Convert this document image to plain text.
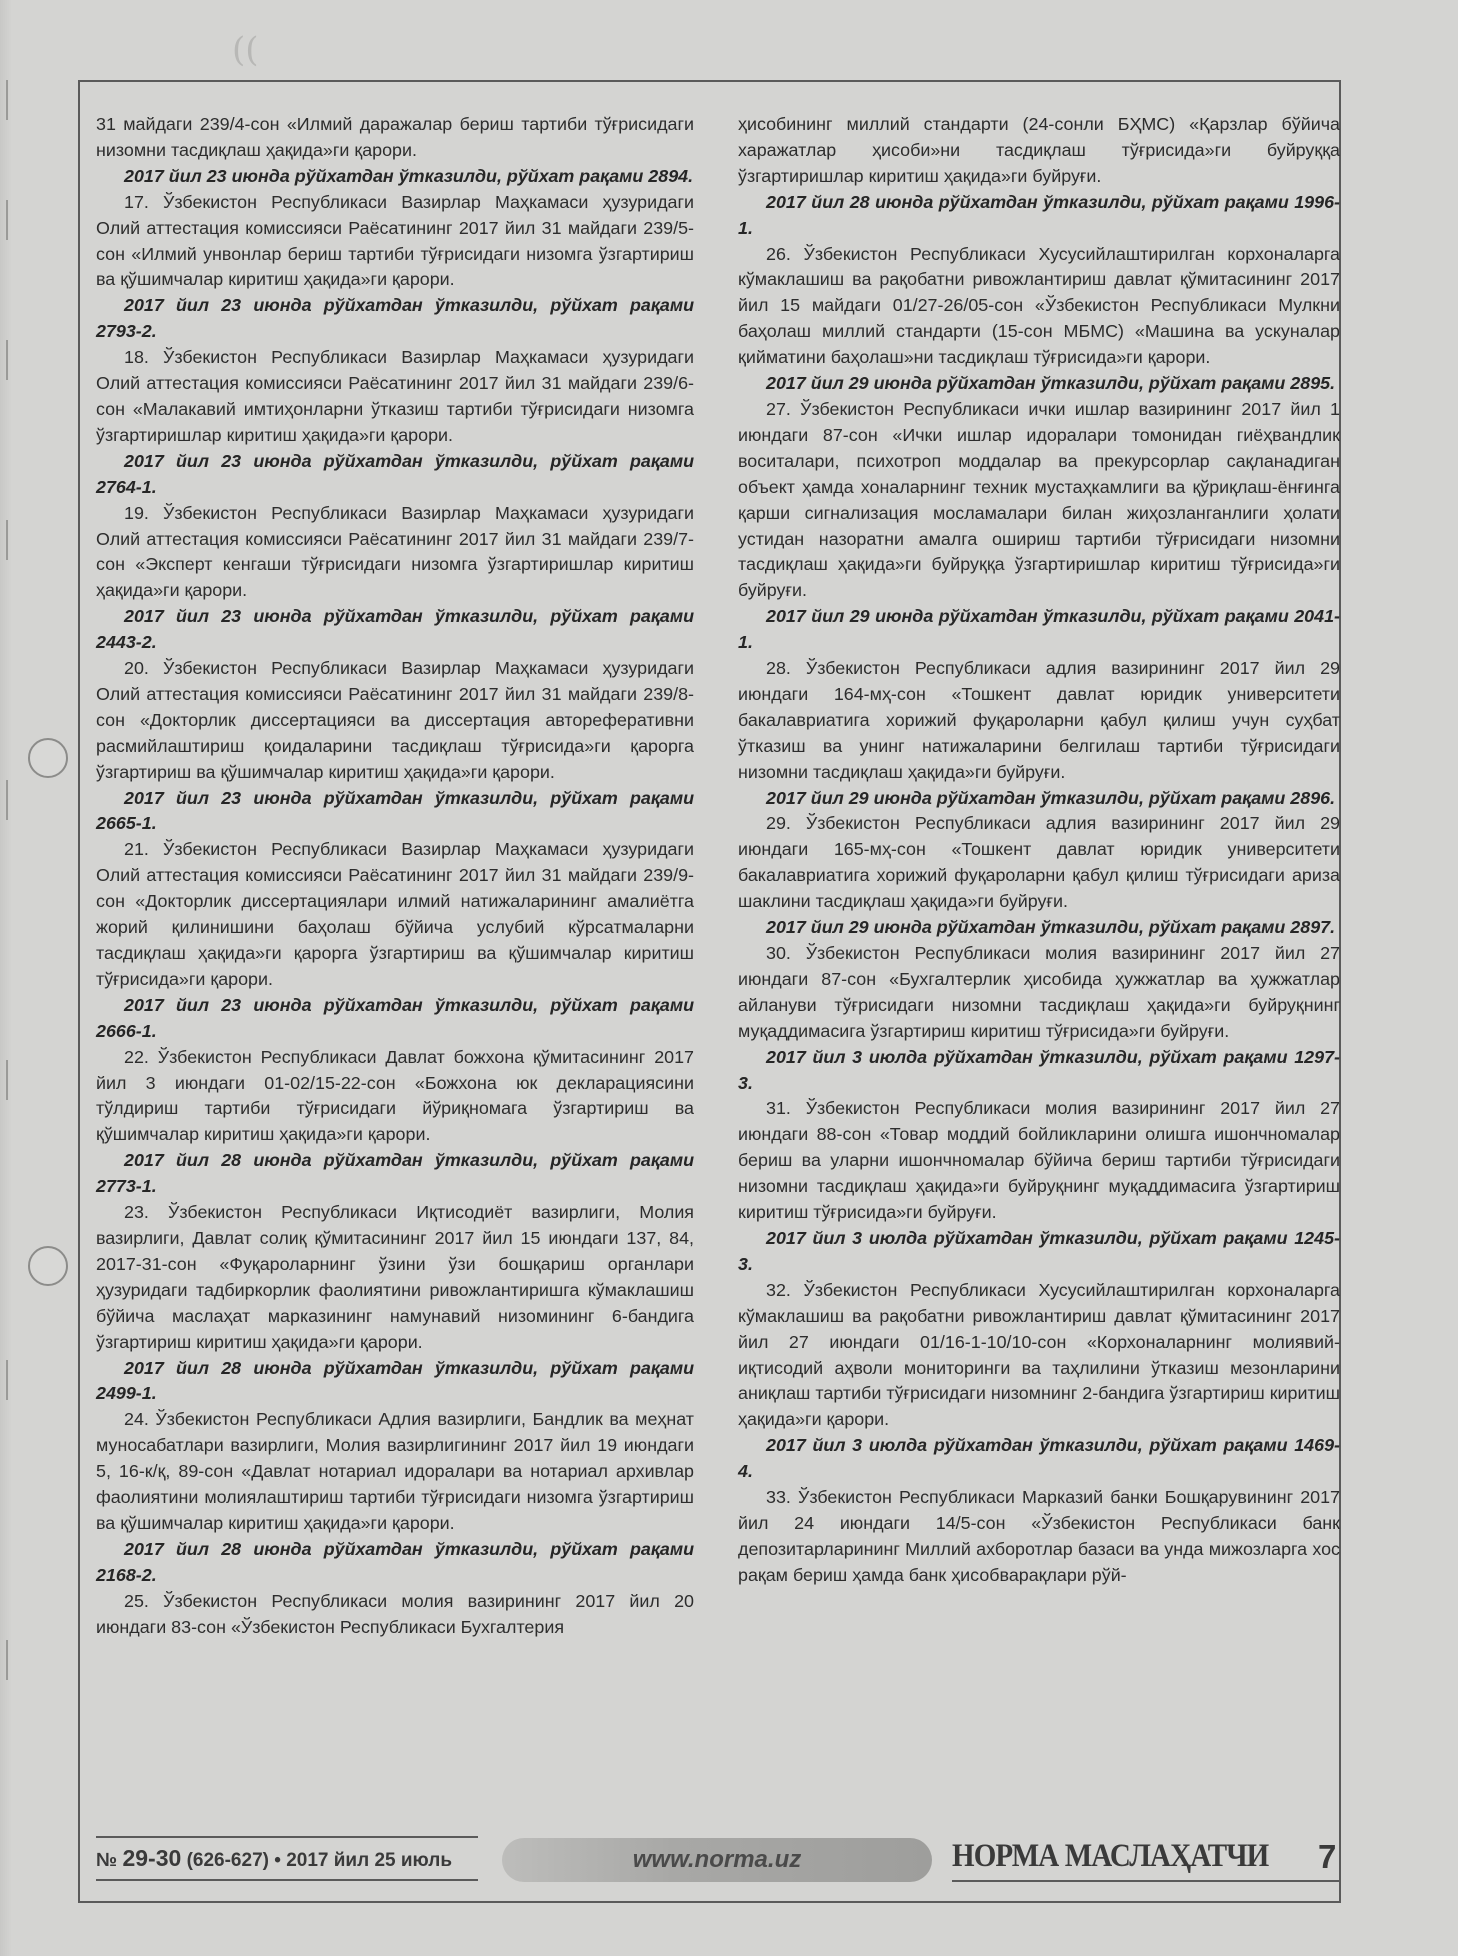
((

31 майдаги 239/4-сон «Илмий даражалар бериш тартиби тўғрисидаги низомни тасдиқлаш ҳақида»ги қарори.

2017 йил 23 июнда рўйхатдан ўтказилди, рўйхат рақами 2894.

17. Ўзбекистон Республикаси Вазирлар Маҳкамаси ҳузуридаги Олий аттестация комиссияси Раёсатининг 2017 йил 31 майдаги 239/5-сон «Илмий унвонлар бериш тартиби тўғрисидаги низомга ўзгартириш ва қўшимчалар киритиш ҳақида»ги қарори.

2017 йил 23 июнда рўйхатдан ўтказилди, рўйхат рақами 2793-2.

18. Ўзбекистон Республикаси Вазирлар Маҳкамаси ҳузуридаги Олий аттестация комиссияси Раёсатининг 2017 йил 31 майдаги 239/6-сон «Малакавий имтиҳонларни ўтказиш тартиби тўғрисидаги низомга ўзгартиришлар киритиш ҳақида»ги қарори.

2017 йил 23 июнда рўйхатдан ўтказилди, рўйхат рақами 2764-1.

19. Ўзбекистон Республикаси Вазирлар Маҳкамаси ҳузуридаги Олий аттестация комиссияси Раёсатининг 2017 йил 31 майдаги 239/7-сон «Эксперт кенгаши тўғрисидаги низомга ўзгартиришлар киритиш ҳақида»ги қарори.

2017 йил 23 июнда рўйхатдан ўтказилди, рўйхат рақами 2443-2.

20. Ўзбекистон Республикаси Вазирлар Маҳкамаси ҳузуридаги Олий аттестация комиссияси Раёсатининг 2017 йил 31 майдаги 239/8-сон «Докторлик диссертацияси ва диссертация автореферативни расмийлаштириш қоидаларини тасдиқлаш тўғрисида»ги қарорга ўзгартириш ва қўшимчалар киритиш ҳақида»ги қарори.

2017 йил 23 июнда рўйхатдан ўтказилди, рўйхат рақами 2665-1.

21. Ўзбекистон Республикаси Вазирлар Маҳкамаси ҳузуридаги Олий аттестация комиссияси Раёсатининг 2017 йил 31 майдаги 239/9-сон «Докторлик диссертациялари илмий натижаларининг амалиётга жорий қилинишини баҳолаш бўйича услубий кўрсатмаларни тасдиқлаш ҳақида»ги қарорга ўзгартириш ва қўшимчалар киритиш тўғрисида»ги қарори.

2017 йил 23 июнда рўйхатдан ўтказилди, рўйхат рақами 2666-1.

22. Ўзбекистон Республикаси Давлат божхона қўмитасининг 2017 йил 3 июндаги 01-02/15-22-сон «Божхона юк декларациясини тўлдириш тартиби тўғрисидаги йўриқномага ўзгартириш ва қўшимчалар киритиш ҳақида»ги қарори.

2017 йил 28 июнда рўйхатдан ўтказилди, рўйхат рақами 2773-1.

23. Ўзбекистон Республикаси Иқтисодиёт вазирлиги, Молия вазирлиги, Давлат солиқ қўмитасининг 2017 йил 15 июндаги 137, 84, 2017-31-сон «Фуқароларнинг ўзини ўзи бошқариш органлари ҳузуридаги тадбиркорлик фаолиятини ривожлантиришга кўмаклашиш бўйича маслаҳат марказининг намунавий низомининг 6-бандига ўзгартириш киритиш ҳақида»ги қарори.

2017 йил 28 июнда рўйхатдан ўтказилди, рўйхат рақами 2499-1.

24. Ўзбекистон Республикаси Адлия вазирлиги, Бандлик ва меҳнат муносабатлари вазирлиги, Молия вазирлигининг 2017 йил 19 июндаги 5, 16-к/қ, 89-сон «Давлат нотариал идоралари ва нотариал архивлар фаолиятини молиялаштириш тартиби тўғрисидаги низомга ўзгартириш ва қўшимчалар киритиш ҳақида»ги қарори.

2017 йил 28 июнда рўйхатдан ўтказилди, рўйхат рақами 2168-2.

25. Ўзбекистон Республикаси молия вазирининг 2017 йил 20 июндаги 83-сон «Ўзбекистон Республикаси Бухгалтерия

ҳисобининг миллий стандарти (24-сонли БҲМС) «Қарзлар бўйича харажатлар ҳисоби»ни тасдиқлаш тўғрисида»ги буйруққа ўзгартиришлар киритиш ҳақида»ги буйруғи.

2017 йил 28 июнда рўйхатдан ўтказилди, рўйхат рақами 1996-1.

26. Ўзбекистон Республикаси Хусусийлаштирилган корхоналарга кўмаклашиш ва рақобатни ривожлантириш давлат қўмитасининг 2017 йил 15 майдаги 01/27-26/05-сон «Ўзбекистон Республикаси Мулкни баҳолаш миллий стандарти (15-сон МБМС) «Машина ва ускуналар қийматини баҳолаш»ни тасдиқлаш тўғрисида»ги қарори.

2017 йил 29 июнда рўйхатдан ўтказилди, рўйхат рақами 2895.

27. Ўзбекистон Республикаси ички ишлар вазирининг 2017 йил 1 июндаги 87-сон «Ички ишлар идоралари томонидан гиёҳвандлик воситалари, психотроп моддалар ва прекурсорлар сақланадиган объект ҳамда хоналарнинг техник мустаҳкамлиги ва қўриқлаш-ёнғинга қарши сигнализация мосламалари билан жиҳозланганлиги ҳолати устидан назоратни амалга ошириш тартиби тўғрисидаги низомни тасдиқлаш ҳақида»ги буйруққа ўзгартиришлар киритиш тўғрисида»ги буйруғи.

2017 йил 29 июнда рўйхатдан ўтказилди, рўйхат рақами 2041-1.

28. Ўзбекистон Республикаси адлия вазирининг 2017 йил 29 июндаги 164-мҳ-сон «Тошкент давлат юридик университети бакалавриатига хорижий фуқароларни қабул қилиш учун суҳбат ўтказиш ва унинг натижаларини белгилаш тартиби тўғрисидаги низомни тасдиқлаш ҳақида»ги буйруғи.

2017 йил 29 июнда рўйхатдан ўтказилди, рўйхат рақами 2896.

29. Ўзбекистон Республикаси адлия вазирининг 2017 йил 29 июндаги 165-мҳ-сон «Тошкент давлат юридик университети бакалавриатига хорижий фуқароларни қабул қилиш тўғрисидаги ариза шаклини тасдиқлаш ҳақида»ги буйруғи.

2017 йил 29 июнда рўйхатдан ўтказилди, рўйхат рақами 2897.

30. Ўзбекистон Республикаси молия вазирининг 2017 йил 27 июндаги 87-сон «Бухгалтерлик ҳисобида ҳужжатлар ва ҳужжатлар айлануви тўғрисидаги низомни тасдиқлаш ҳақида»ги буйруқнинг муқаддимасига ўзгартириш киритиш тўғрисида»ги буйруғи.

2017 йил 3 июлда рўйхатдан ўтказилди, рўйхат рақами 1297-3.

31. Ўзбекистон Республикаси молия вазирининг 2017 йил 27 июндаги 88-сон «Товар моддий бойликларини олишга ишончномалар бериш ва уларни ишончномалар бўйича бериш тартиби тўғрисидаги низомни тасдиқлаш ҳақида»ги буйруқнинг муқаддимасига ўзгартириш киритиш тўғрисида»ги буйруғи.

2017 йил 3 июлда рўйхатдан ўтказилди, рўйхат рақами 1245-3.

32. Ўзбекистон Республикаси Хусусийлаштирилган корхоналарга кўмаклашиш ва рақобатни ривожлантириш давлат қўмитасининг 2017 йил 27 июндаги 01/16-1-10/10-сон «Корхоналарнинг молиявий-иқтисодий аҳволи мониторинги ва таҳлилини ўтказиш мезонларини аниқлаш тартиби тўғрисидаги низомнинг 2-бандига ўзгартириш киритиш ҳақида»ги қарори.

2017 йил 3 июлда рўйхатдан ўтказилди, рўйхат рақами 1469-4.

33. Ўзбекистон Республикаси Марказий банки Бошқарувининг 2017 йил 24 июндаги 14/5-сон «Ўзбекистон Республикаси банк депозитарларининг Миллий ахборотлар базаси ва унда мижозларга хос рақам бериш ҳамда банк ҳисобварақлари рўй-

№ 29-30 (626-627) • 2017 йил 25 июль	www.norma.uz	НОРМА МАСЛАҲАТЧИ 7
